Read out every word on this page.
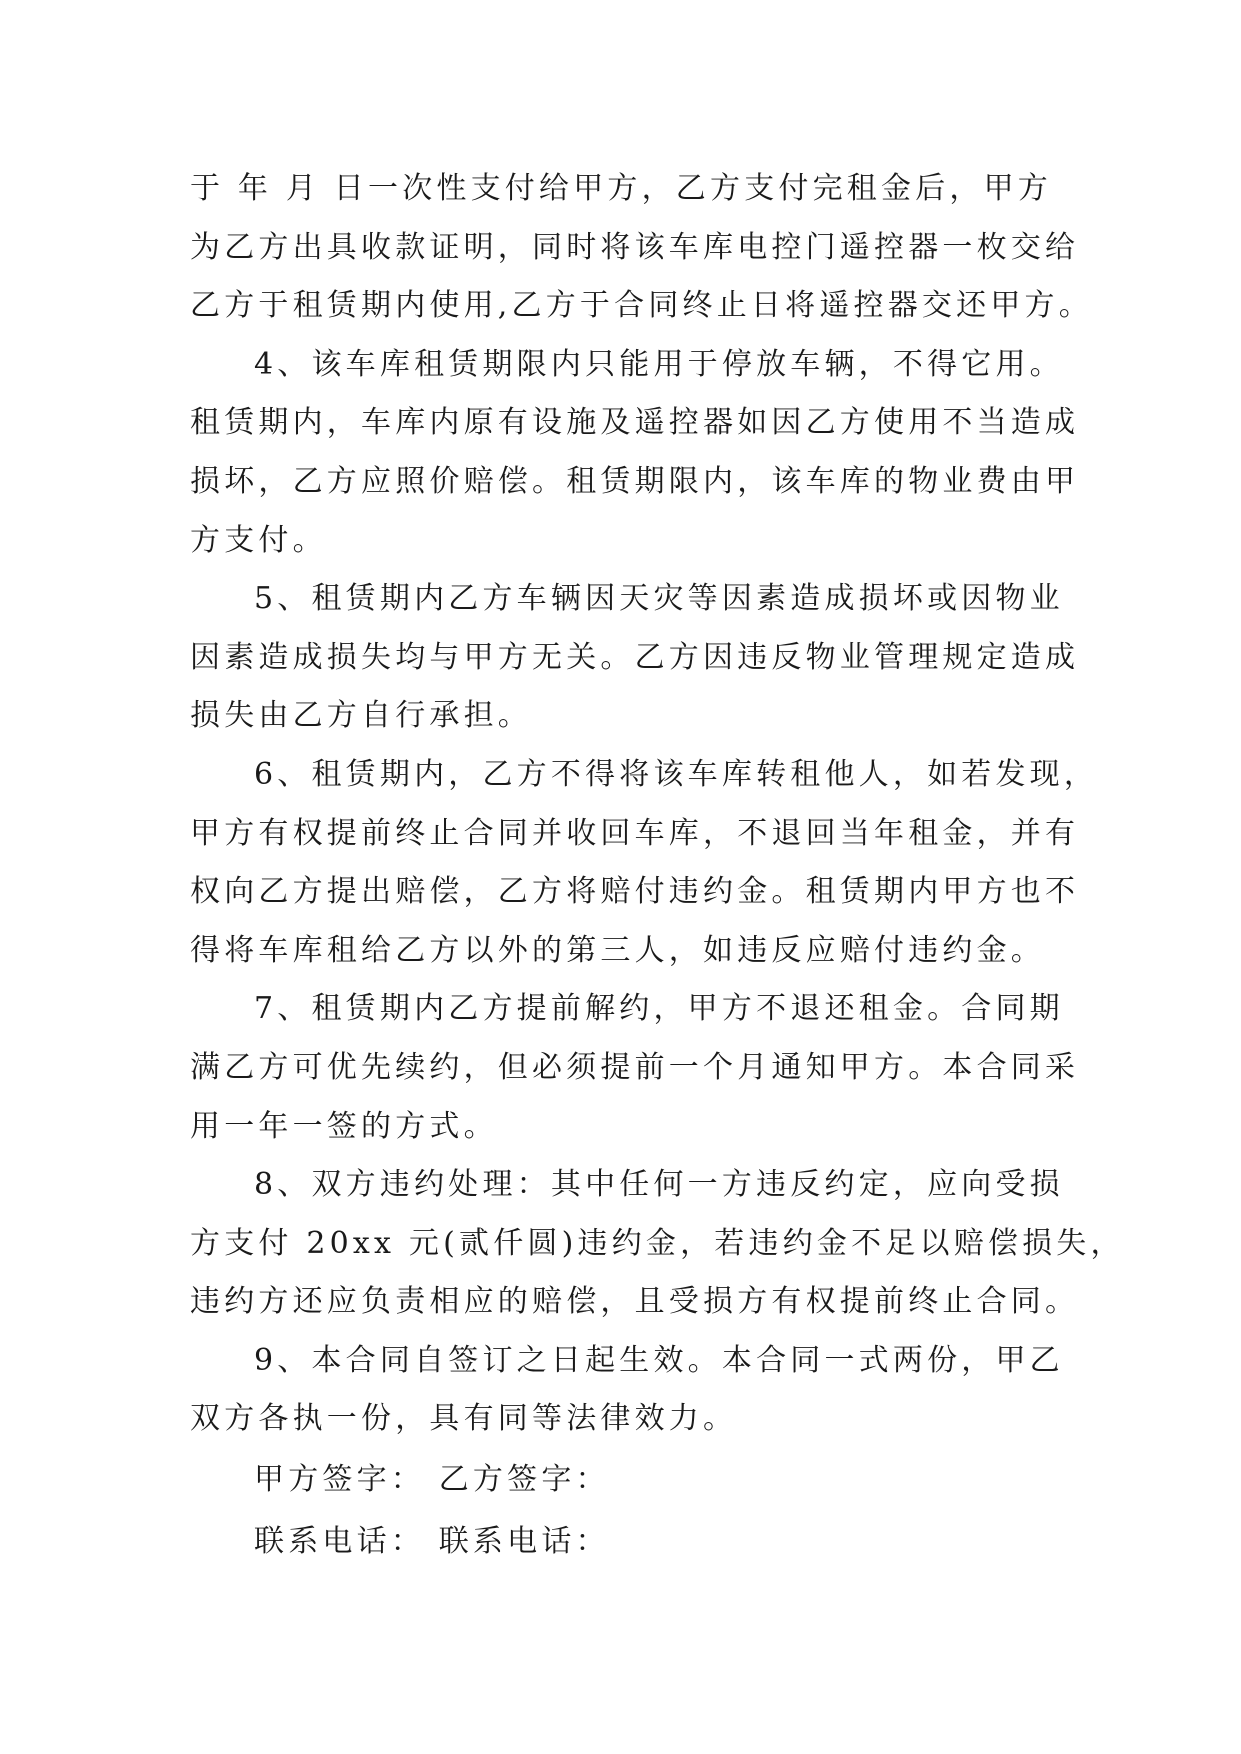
于 年 月 日一次性支付给甲方，乙方支付完租金后，甲方
为乙方出具收款证明，同时将该车库电控门遥控器一枚交给
乙方于租赁期内使用,乙方于合同终止日将遥控器交还甲方。

4、该车库租赁期限内只能用于停放车辆，不得它用。
租赁期内，车库内原有设施及遥控器如因乙方使用不当造成
损坏，乙方应照价赔偿。租赁期限内，该车库的物业费由甲
方支付。

5、租赁期内乙方车辆因天灾等因素造成损坏或因物业
因素造成损失均与甲方无关。乙方因违反物业管理规定造成
损失由乙方自行承担。

6、租赁期内，乙方不得将该车库转租他人，如若发现，
甲方有权提前终止合同并收回车库，不退回当年租金，并有
权向乙方提出赔偿，乙方将赔付违约金。租赁期内甲方也不
得将车库租给乙方以外的第三人，如违反应赔付违约金。

7、租赁期内乙方提前解约，甲方不退还租金。合同期
满乙方可优先续约，但必须提前一个月通知甲方。本合同采
用一年一签的方式。

8、双方违约处理：其中任何一方违反约定，应向受损
方支付 20xx 元(贰仟圆)违约金，若违约金不足以赔偿损失，
违约方还应负责相应的赔偿，且受损方有权提前终止合同。

9、本合同自签订之日起生效。本合同一式两份，甲乙
双方各执一份，具有同等法律效力。

甲方签字： 乙方签字：

联系电话： 联系电话：
